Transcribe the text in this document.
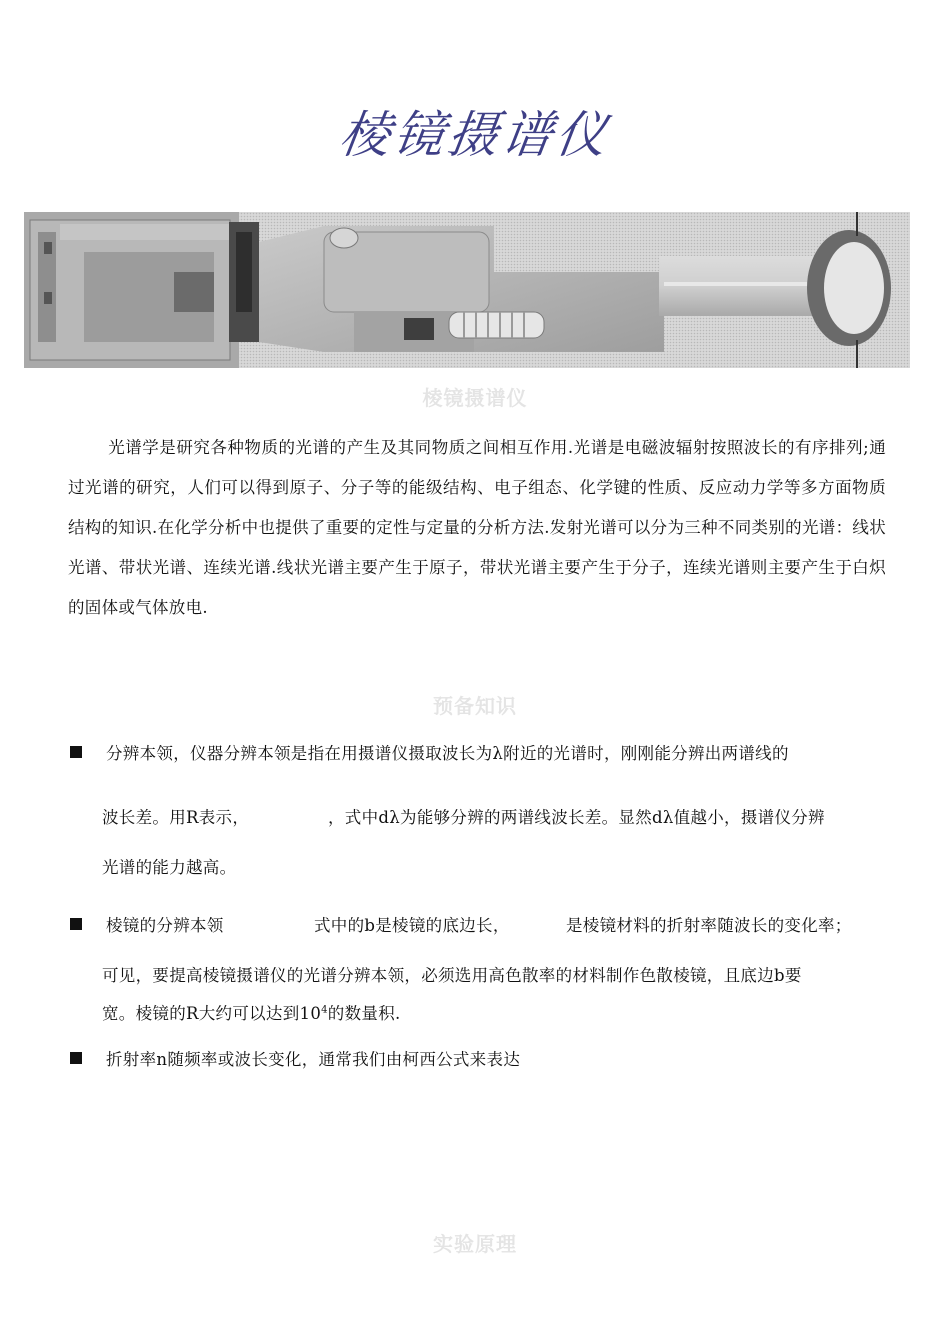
棱镜摄谱仪
棱镜摄谱仪
光谱学是研究各种物质的光谱的产生及其同物质之间相互作用.光谱是电磁波辐射按照波长的有序排列;通过光谱的研究，人们可以得到原子、分子等的能级结构、电子组态、化学键的性质、反应动力学等多方面物质结构的知识.在化学分析中也提供了重要的定性与定量的分析方法.发射光谱可以分为三种不同类别的光谱：线状光谱、带状光谱、连续光谱.线状光谱主要产生于原子，带状光谱主要产生于分子，连续光谱则主要产生于白炽的固体或气体放电.
预备知识
分辨本领，仪器分辨本领是指在用摄谱仪摄取波长为λ附近的光谱时，刚刚能分辨出两谱线的
波长差。用R表示，	，式中dλ为能够分辨的两谱线波长差。显然dλ值越小，摄谱仪分辨
光谱的能力越高。
棱镜的分辨本领	式中的b是棱镜的底边长，	是棱镜材料的折射率随波长的变化率；
可见，要提高棱镜摄谱仪的光谱分辨本领，必须选用高色散率的材料制作色散棱镜，且底边b要
宽。棱镜的R大约可以达到$10^4$的数量积.
折射率n随频率或波长变化，通常我们由柯西公式来表达
实验原理
